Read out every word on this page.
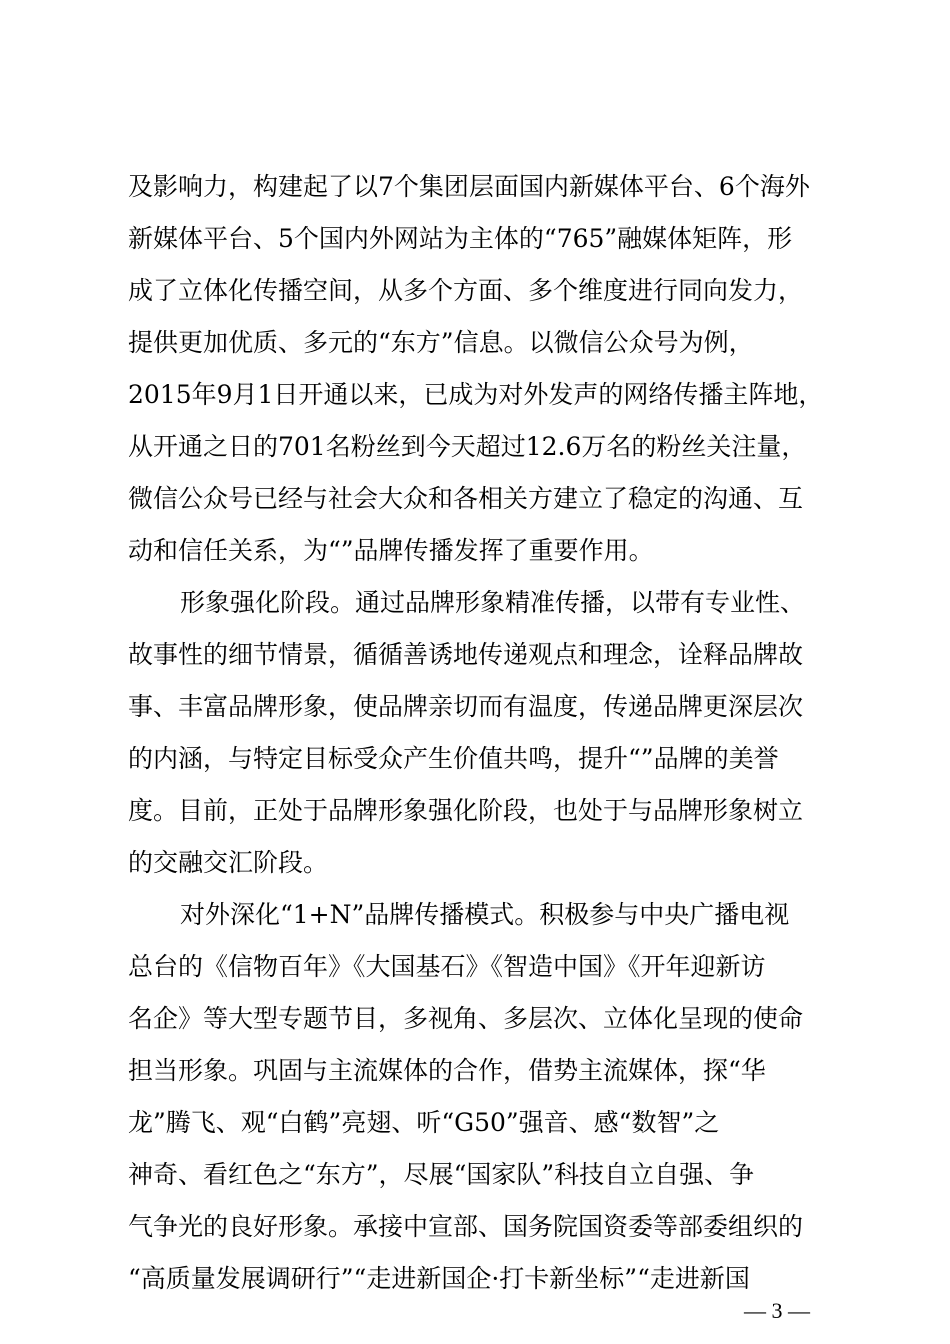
及影响力，构建起了以7个集团层面国内新媒体平台、6个海外
新媒体平台、5个国内外网站为主体的“765”融媒体矩阵，形
成了立体化传播空间，从多个方面、多个维度进行同向发力，
提供更加优质、多元的“东方”信息。以微信公众号为例，
2015年9月1日开通以来，已成为对外发声的网络传播主阵地，
从开通之日的701名粉丝到今天超过12.6万名的粉丝关注量，
微信公众号已经与社会大众和各相关方建立了稳定的沟通、互
动和信任关系，为“”品牌传播发挥了重要作用。
形象强化阶段。通过品牌形象精准传播，以带有专业性、
故事性的细节情景，循循善诱地传递观点和理念，诠释品牌故
事、丰富品牌形象，使品牌亲切而有温度，传递品牌更深层次
的内涵，与特定目标受众产生价值共鸣，提升“”品牌的美誉
度。目前，正处于品牌形象强化阶段，也处于与品牌形象树立
的交融交汇阶段。
对外深化“1+N”品牌传播模式。积极参与中央广播电视
总台的《信物百年》《大国基石》《智造中国》《开年迎新访
名企》等大型专题节目，多视角、多层次、立体化呈现的使命
担当形象。巩固与主流媒体的合作，借势主流媒体，探“华
龙”腾飞、观“白鹤”亮翅、听“G50”强音、感“数智”之
神奇、看红色之“东方”，尽展“国家队”科技自立自强、争
气争光的良好形象。承接中宣部、国务院国资委等部委组织的
“高质量发展调研行”“走进新国企·打卡新坐标”“走进新国
— 3 —
